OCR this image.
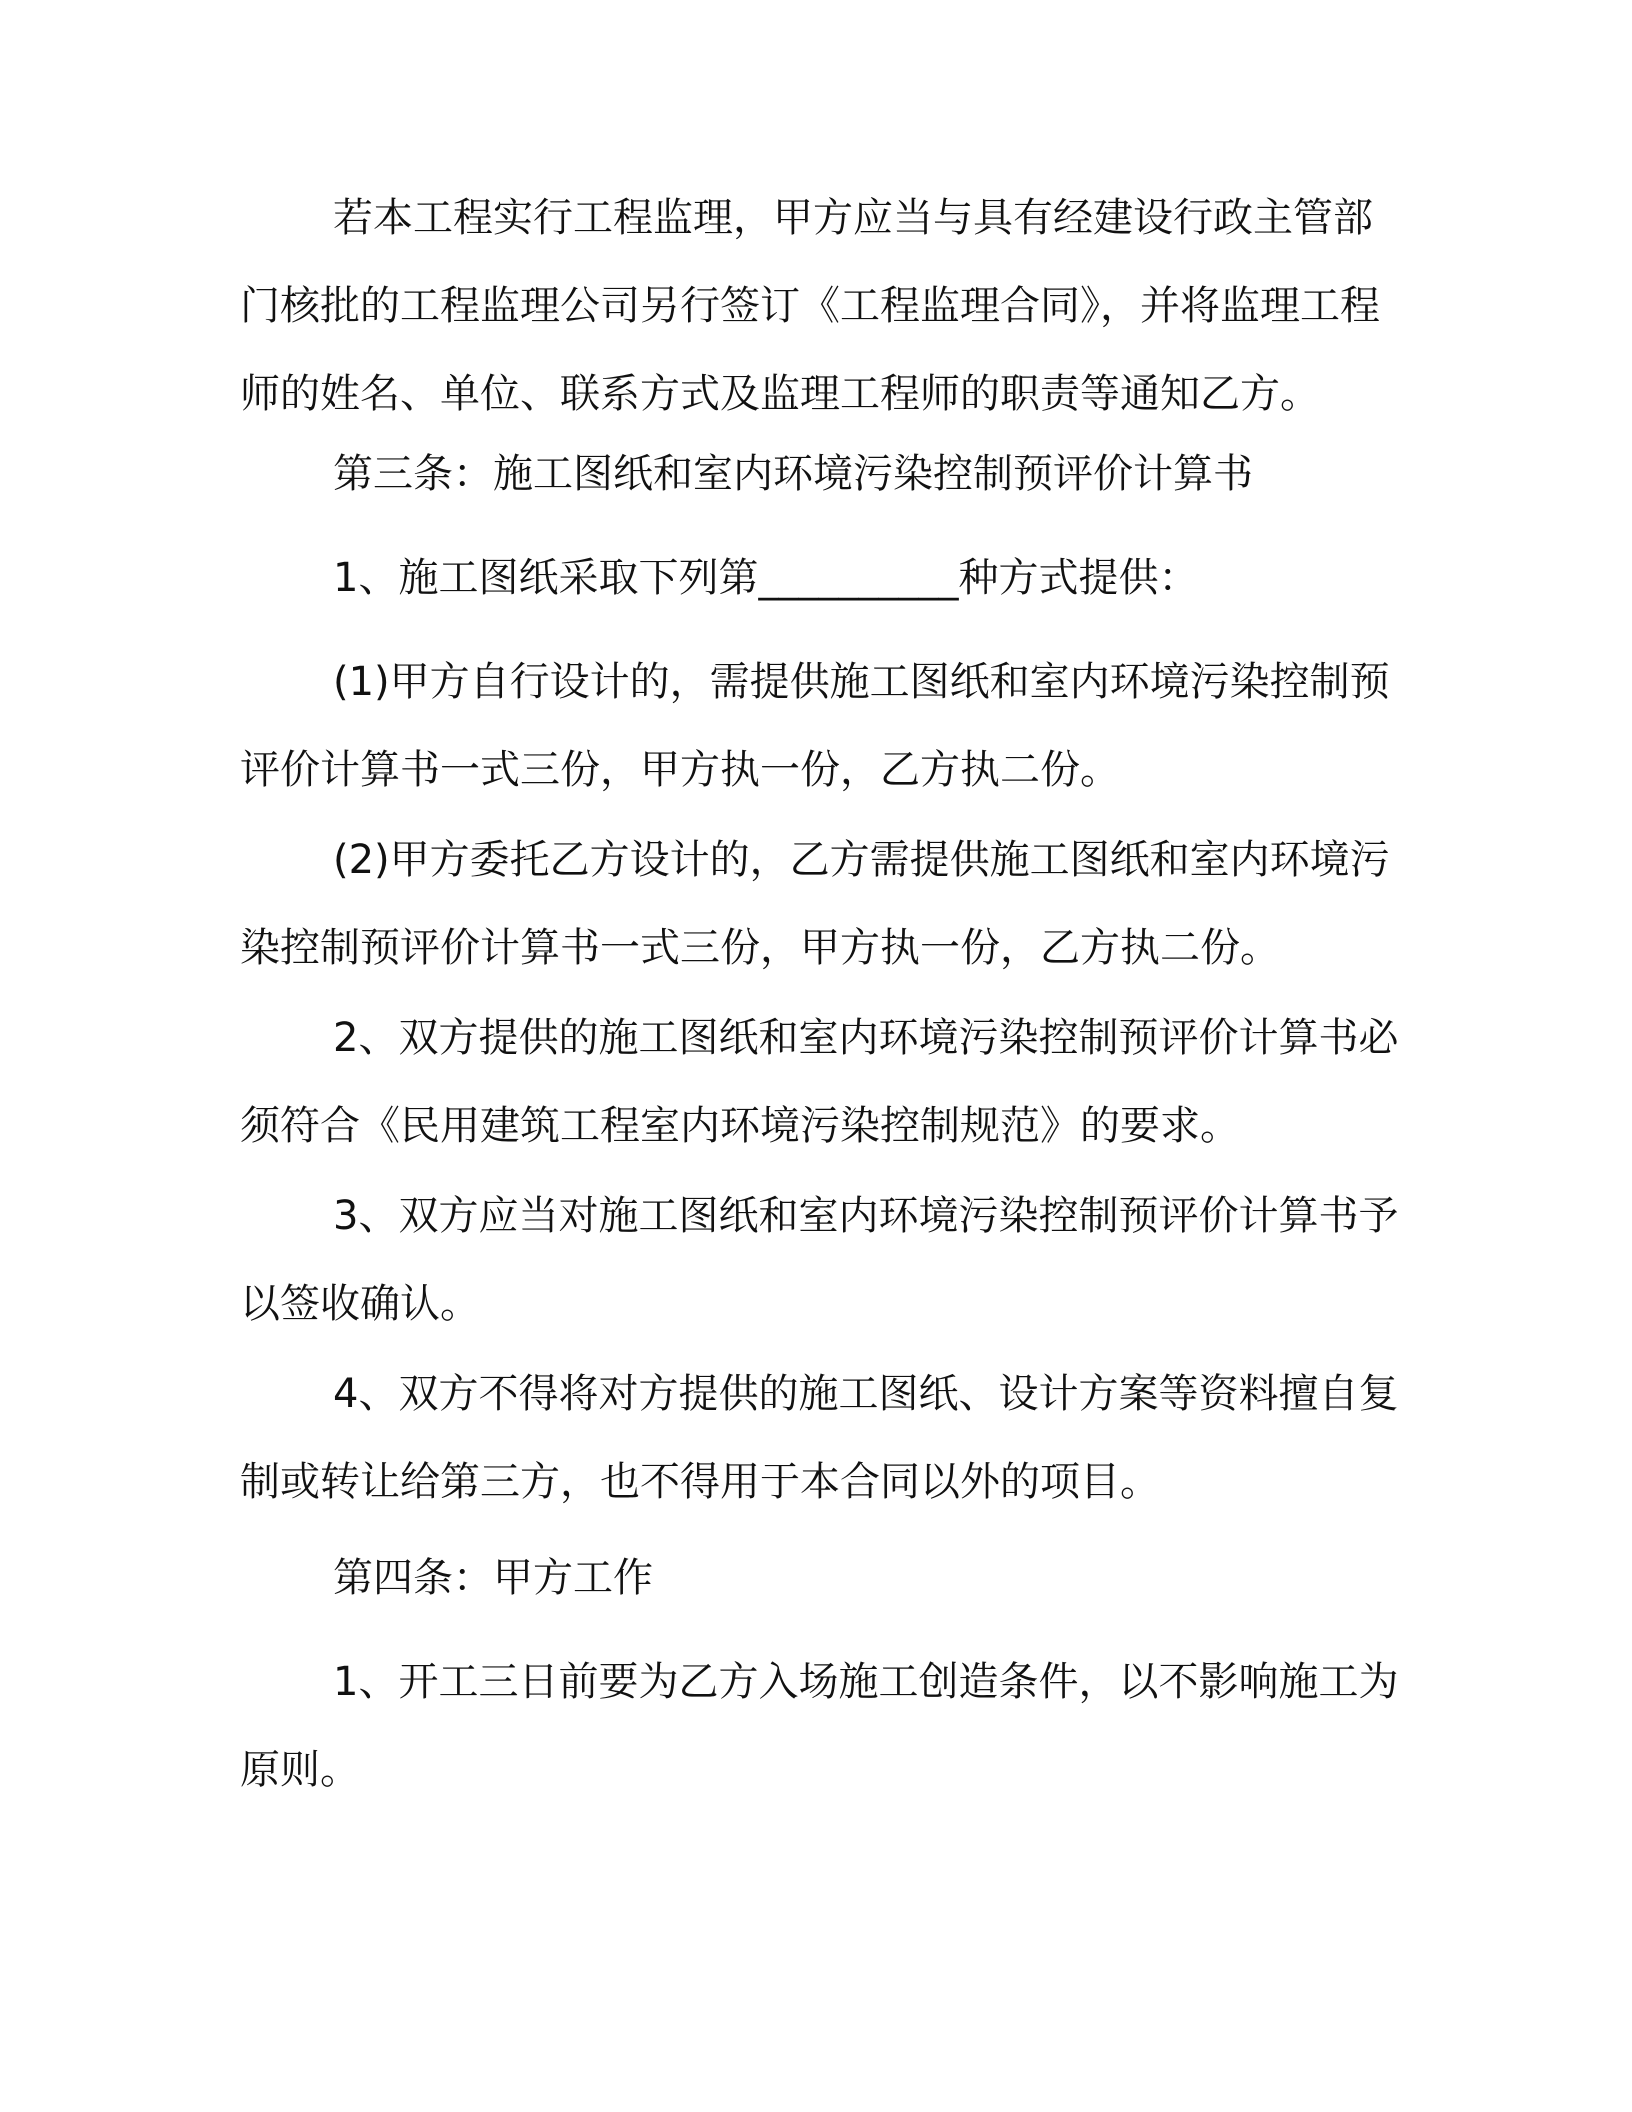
若本工程实行工程监理，甲方应当与具有经建设行政主管部门核批的工程监理公司另行签订《工程监理合同》，并将监理工程师的姓名、单位、联系方式及监理工程师的职责等通知乙方。

第三条：施工图纸和室内环境污染控制预评价计算书

1、施工图纸采取下列第__________种方式提供：

(1)甲方自行设计的，需提供施工图纸和室内环境污染控制预评价计算书一式三份，甲方执一份，乙方执二份。

(2)甲方委托乙方设计的，乙方需提供施工图纸和室内环境污染控制预评价计算书一式三份，甲方执一份，乙方执二份。

2、双方提供的施工图纸和室内环境污染控制预评价计算书必须符合《民用建筑工程室内环境污染控制规范》的要求。

3、双方应当对施工图纸和室内环境污染控制预评价计算书予以签收确认。

4、双方不得将对方提供的施工图纸、设计方案等资料擅自复制或转让给第三方，也不得用于本合同以外的项目。

第四条：甲方工作

1、开工三日前要为乙方入场施工创造条件，以不影响施工为原则。
